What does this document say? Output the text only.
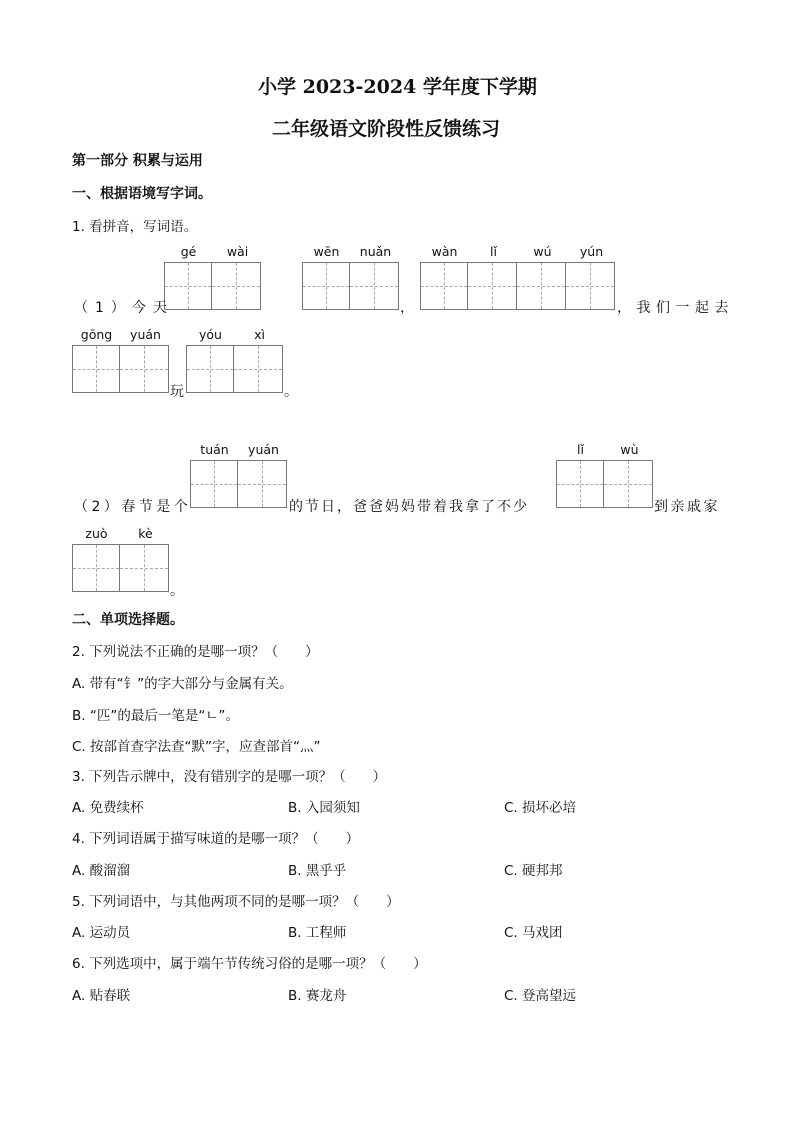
小学 2023-2024 学年度下学期
二年级语文阶段性反馈练习
第一部分 积累与运用
一、根据语境写字词。
1. 看拼音，写词语。
gé	wài	wēn	nuǎn	wàn	lǐ	wú	yún
（1）今天	，	，我们一起去
gōng	yuán
玩
yóu	xì
。
tuán	yuán	lǐ	wù
（2）春节是个	的节日，爸爸妈妈带着我拿了不少	到亲戚家
zuò	kè
。
二、单项选择题。
2. 下列说法不正确的是哪一项？（　　）
A. 带有“钅”的字大部分与金属有关。
B. “匹”的最后一笔是“ㄴ”。
C. 按部首查字法查“默”字，应查部首“灬”
3. 下列告示牌中，没有错别字的是哪一项？（　　）
A. 免费续杯	B. 入园须知	C. 损坏必培
4. 下列词语属于描写味道的是哪一项？（　　）
A. 酸溜溜	B. 黑乎乎	C. 硬邦邦
5. 下列词语中，与其他两项不同的是哪一项？（　　）
A. 运动员	B. 工程师	C. 马戏团
6. 下列选项中，属于端午节传统习俗的是哪一项？（　　）
A. 贴春联	B. 赛龙舟	C. 登高望远
